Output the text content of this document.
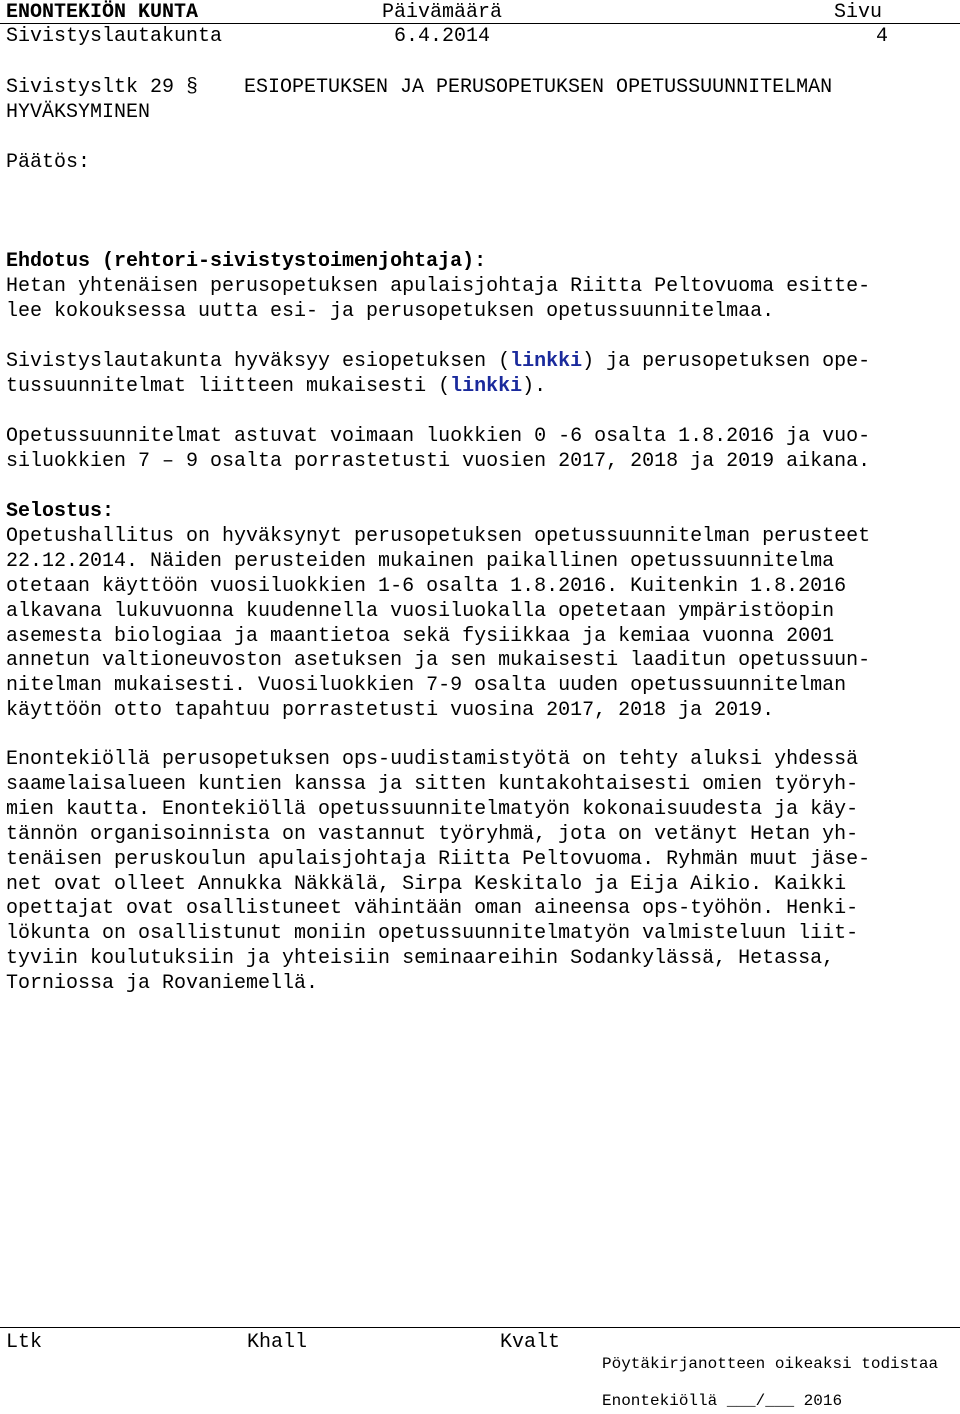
ENONTEKIÖN KUNTA	Päivämäärä	Sivu
Sivistyslautakunta	6.4.2014	4
Sivistysltk 29 § ESIOPETUKSEN JA PERUSOPETUKSEN OPETUSSUUNNITELMAN
HYVÄKSYMINEN
Päätös:
Ehdotus (rehtori-sivistystoimenjohtaja):
Hetan yhtenäisen perusopetuksen apulaisjohtaja Riitta Peltovuoma esitte-
lee kokouksessa uutta esi- ja perusopetuksen opetussuunnitelmaa.
Sivistyslautakunta hyväksyy esiopetuksen (linkki) ja perusopetuksen ope-
tussuunnitelmat liitteen mukaisesti (linkki).
Opetussuunnitelmat astuvat voimaan luokkien 0 -6 osalta 1.8.2016 ja vuo-
siluokkien 7 – 9 osalta porrastetusti vuosien 2017, 2018 ja 2019 aikana.
Selostus:
Opetushallitus on hyväksynyt perusopetuksen opetussuunnitelman perusteet
22.12.2014. Näiden perusteiden mukainen paikallinen opetussuunnitelma
otetaan käyttöön vuosiluokkien 1-6 osalta 1.8.2016. Kuitenkin 1.8.2016
alkavana lukuvuonna kuudennella vuosiluokalla opetetaan ympäristöopin
asemesta biologiaa ja maantietoa sekä fysiikkaa ja kemiaa vuonna 2001
annetun valtioneuvoston asetuksen ja sen mukaisesti laaditun opetussuun-
nitelman mukaisesti. Vuosiluokkien 7-9 osalta uuden opetussuunnitelman
käyttöön otto tapahtuu porrastetusti vuosina 2017, 2018 ja 2019.
Enontekiöllä perusopetuksen ops-uudistamistyötä on tehty aluksi yhdessä
saamelaisalueen kuntien kanssa ja sitten kuntakohtaisesti omien työryh-
mien kautta. Enontekiöllä opetussuunnitelmatyön kokonaisuudesta ja käy-
tännön organisoinnista on vastannut työryhmä, jota on vetänyt Hetan yh-
tenäisen peruskoulun apulaisjohtaja Riitta Peltovuoma. Ryhmän muut jäse-
net ovat olleet Annukka Näkkälä, Sirpa Keskitalo ja Eija Aikio. Kaikki
opettajat ovat osallistuneet vähintään oman aineensa ops-työhön. Henki-
lökunta on osallistunut moniin opetussuunnitelmatyön valmisteluun liit-
tyviin koulutuksiin ja yhteisiin seminaareihin Sodankylässä, Hetassa,
Torniossa ja Rovaniemellä.
Ltk	Khall	Kvalt
Pöytäkirjanotteen oikeaksi todistaa
Enontekiöllä ___/___ 2016
